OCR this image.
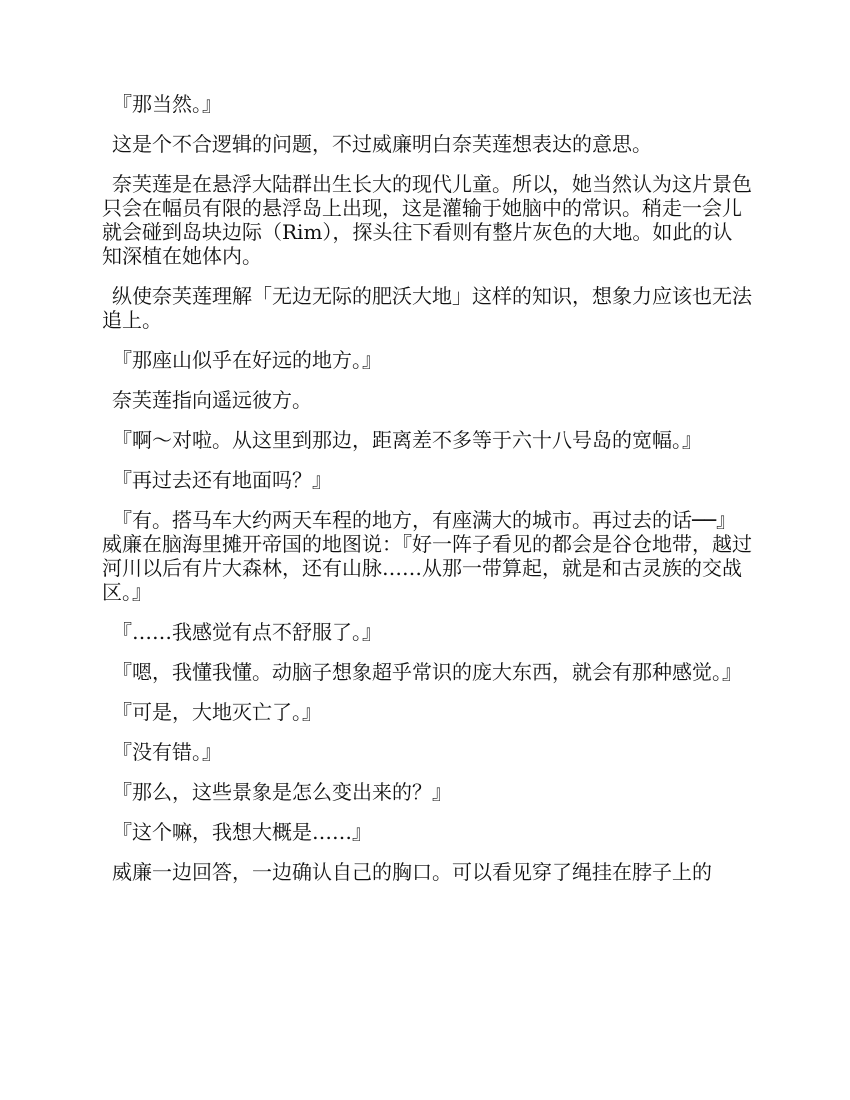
『那当然。』

这是个不合逻辑的问题，不过威廉明白奈芙莲想表达的意思。

奈芙莲是在悬浮大陆群出生长大的现代儿童。所以，她当然认为这片景色只会在幅员有限的悬浮岛上出现，这是灌输于她脑中的常识。稍走一会儿就会碰到岛块边际（Rim），探头往下看则有整片灰色的大地。如此的认知深植在她体内。

纵使奈芙莲理解「无边无际的肥沃大地」这样的知识，想象力应该也无法追上。

『那座山似乎在好远的地方。』

奈芙莲指向遥远彼方。

『啊～对啦。从这里到那边，距离差不多等于六十八号岛的宽幅。』

『再过去还有地面吗？』

『有。搭马车大约两天车程的地方，有座满大的城市。再过去的话──』威廉在脑海里摊开帝国的地图说：『好一阵子看见的都会是谷仓地带，越过河川以后有片大森林，还有山脉……从那一带算起，就是和古灵族的交战区。』

『……我感觉有点不舒服了。』

『嗯，我懂我懂。动脑子想象超乎常识的庞大东西，就会有那种感觉。』

『可是，大地灭亡了。』

『没有错。』

『那么，这些景象是怎么变出来的？』

『这个嘛，我想大概是……』

威廉一边回答，一边确认自己的胸口。可以看见穿了绳挂在脖子上的
